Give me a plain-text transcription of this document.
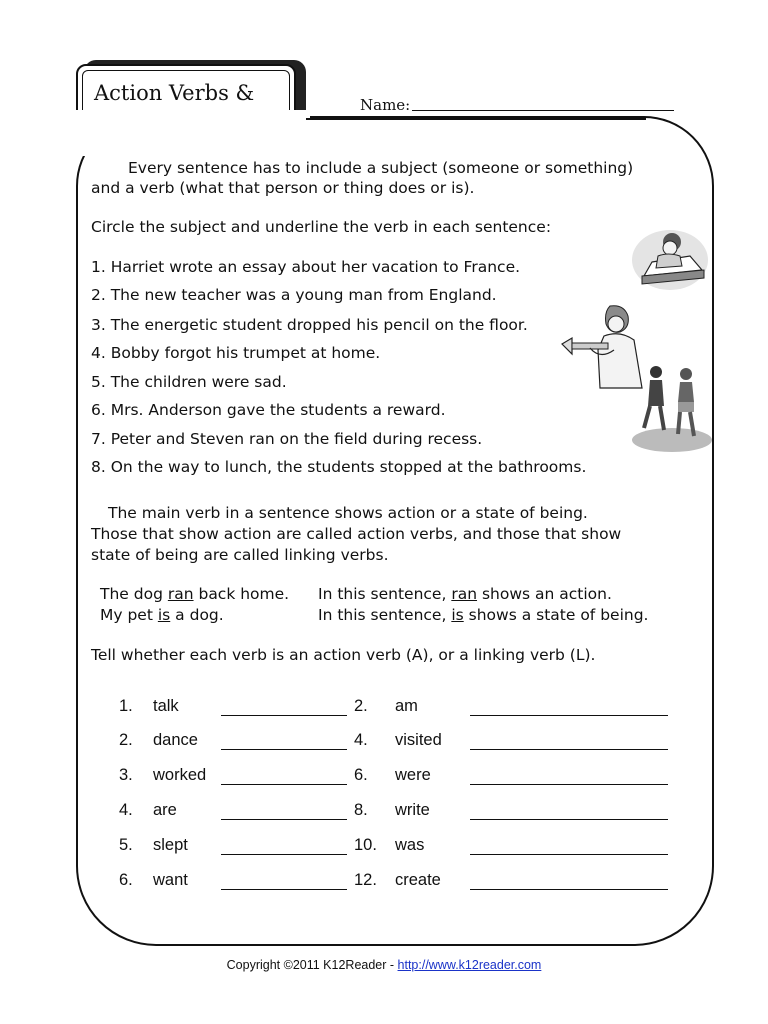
Action Verbs &	Name:
Every sentence has to include a subject (someone or something)
and a verb (what that person or thing does or is).
Circle the subject and underline the verb in each sentence:
1. Harriet wrote an essay about her vacation to France.
2. The new teacher was a young man from England.
3. The energetic student dropped his pencil on the floor.
4. Bobby forgot his trumpet at home.
5. The children were sad.
6. Mrs. Anderson gave the students a reward.
7. Peter and Steven ran on the field during recess.
8. On the way to lunch, the students stopped at the bathrooms.
The main verb in a sentence shows action or a state of being.
Those that show action are called action verbs, and those that show
state of being are called linking verbs.
The dog ran back home. In this sentence, ran shows an action.
My pet is a dog.	In this sentence, is shows a state of being.
Tell whether each verb is an action verb (A), or a linking verb (L).
1. talk
2. dance
3. worked
4. are
5. slept
6. want
2. am
4. visited
6. were
8. write
10. was
12. create
Copyright ©2011 K12Reader - http://www.k12reader.com
